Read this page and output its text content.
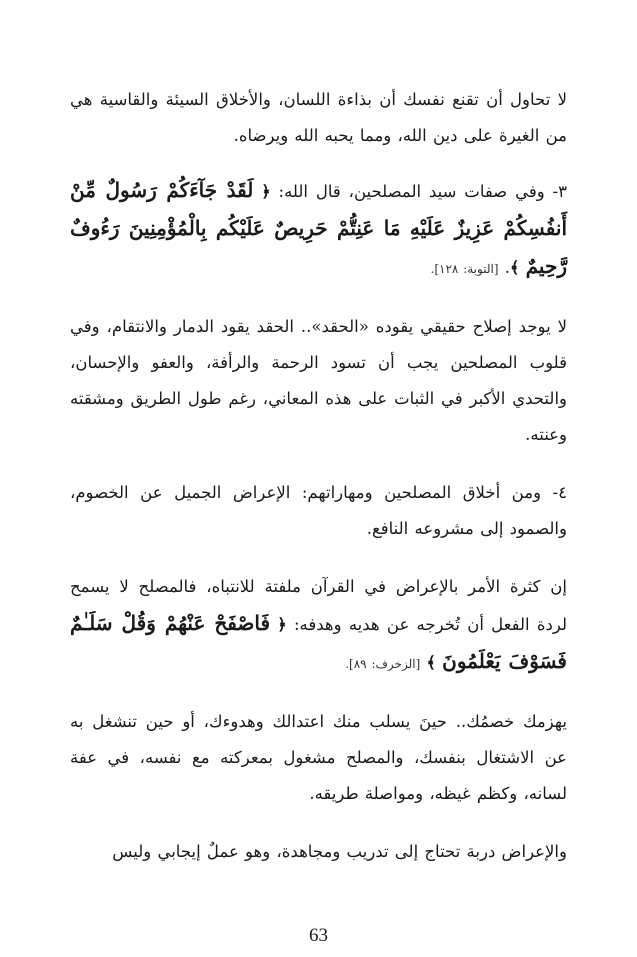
لا تحاول أن تقنع نفسك أن بذاءة اللسان، والأخلاق السيئة والقاسية هي من الغيرة على دين الله، ومما يحبه الله ويرضاه.

٣- وفي صفات سيد المصلحين، قال الله: ﴿ لَقَدْ جَآءَكُمْ رَسُولٌ مِّنْ أَنفُسِكُمْ عَزِيزٌ عَلَيْهِ مَا عَنِتُّمْ حَرِيصٌ عَلَيْكُم بِالْمُؤْمِنِينَ رَءُوفٌ رَّحِيمٌ ﴾. [التوبة: ١٢٨].

لا يوجد إصلاح حقيقي يقوده «الحقد».. الحقد يقود الدمار والانتقام، وفي قلوب المصلحين يجب أن تسود الرحمة والرأفة، والعفو والإحسان، والتحدي الأكبر في الثبات على هذه المعاني، رغم طول الطريق ومشقته وعنته.

٤- ومن أخلاق المصلحين ومهاراتهم: الإعراض الجميل عن الخصوم، والصمود إلى مشروعه النافع.

إن كثرة الأمر بالإعراض في القرآن ملفتة للانتباه، فالمصلح لا يسمح لردة الفعل أن تُخرجه عن هديه وهدفه: ﴿ فَاصْفَحْ عَنْهُمْ وَقُلْ سَلَـٰمٌ فَسَوْفَ يَعْلَمُونَ ﴾ [الزخرف: ٨٩].

يهزمك خصمُك.. حينَ يسلب منك اعتدالك وهدوءك، أو حين تنشغل به عن الاشتغال بنفسك، والمصلح مشغول بمعركته مع نفسه، في عفة لسانه، وكظم غيظه، ومواصلة طريقه.

والإعراض دربة تحتاج إلى تدريب ومجاهدة، وهو عملٌ إيجابي وليس

63
